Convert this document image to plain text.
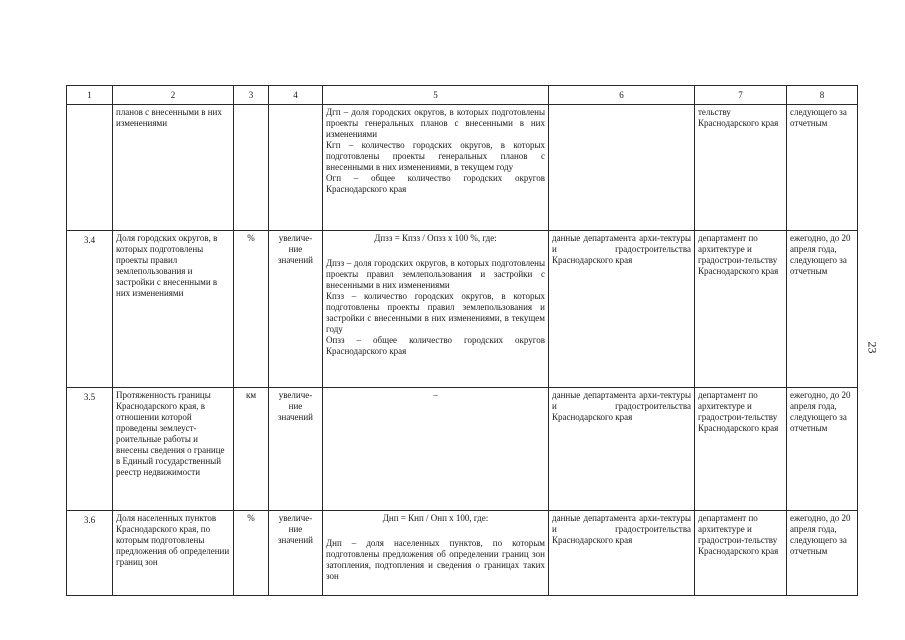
1	2	3	4	5	6	7	8
	планов с внесенными в них изменениями			Дгп – доля городских округов, в которых подготовлены проекты генеральных планов с внесенными в них изменениями
Кгп – количество городских округов, в которых подготовлены проекты генеральных планов с внесенными в них изменениями, в текущем году
Огп – общее количество городских округов Краснодарского края		тельству Краснодарского края	следующего за отчетным
3.4	Доля городских округов, в которых подготовлены проекты правил землепользования и застройки с внесенными в них изменениями	%	увеличе-ние значений	Дпзз = Кпзз / Опзз х 100 %, где:
Дпзз – доля городских округов, в которых подготовлены проекты правил землепользования и застройки с внесенными в них изменениями
Кпзз – количество городских округов, в которых подготовлены проекты правил землепользования и застройки с внесенными в них изменениями, в текущем году
Опзз – общее количество городских округов Краснодарского края	данные департамента архи-тектуры и градостроительства Краснодарского края	департамент по архитектуре и градострои-тельству Краснодарского края	ежегодно, до 20 апреля года, следующего за отчетным
3.5	Протяженность границы Краснодарского края, в отношении которой проведены землеуст-роительные работы и внесены сведения о границе в Единый государственный реестр недвижимости	км	увеличе-ние значений	–	данные департамента архи-тектуры и градостроительства Краснодарского края	департамент по архитектуре и градострои-тельству Краснодарского края	ежегодно, до 20 апреля года, следующего за отчетным
3.6	Доля населенных пунктов Краснодарского края, по которым подготовлены предложения об определении границ зон	%	увеличе-ние значений	Днп = Кнп / Онп х 100, где:
Днп – доля населенных пунктов, по которым подготовлены предложения об определении границ зон затопления, подтопления и сведения о границах таких зон	данные департамента архи-тектуры и градостроительства Краснодарского края	департамент по архитектуре и градострои-тельству Краснодарского края	ежегодно, до 20 апреля года, следующего за отчетным
23
